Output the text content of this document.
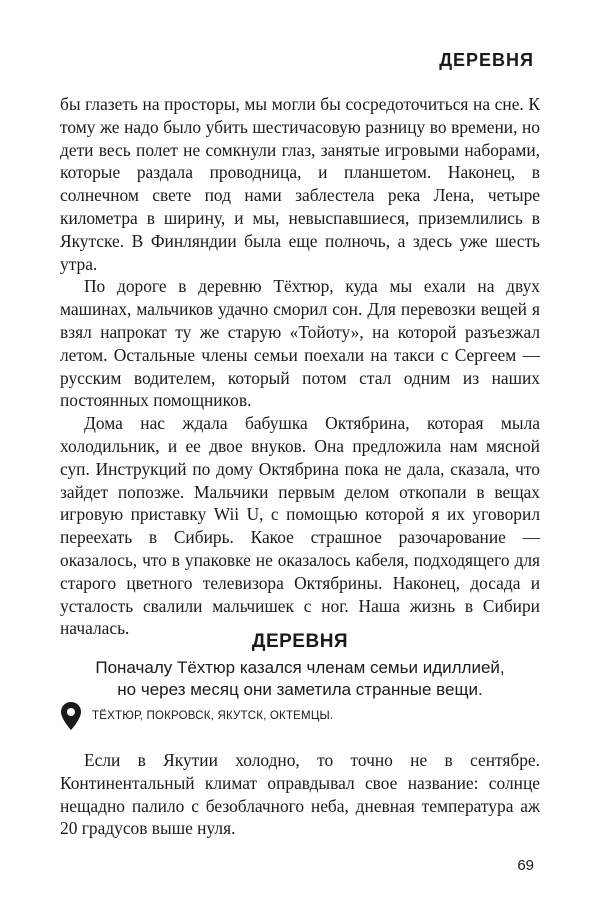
ДЕРЕВНЯ

бы глазеть на просторы, мы могли бы сосредоточиться на сне. К тому же надо было убить шестичасовую разницу во времени, но дети весь полет не сомкнули глаз, занятые игровыми наборами, которые раздала проводница, и планшетом. Наконец, в солнечном свете под нами заблестела река Лена, четыре километра в ширину, и мы, невыспавшиеся, приземлились в Якутске. В Финляндии была еще полночь, а здесь уже шесть утра.

По дороге в деревню Тёхтюр, куда мы ехали на двух машинах, мальчиков удачно сморил сон. Для перевозки вещей я взял напрокат ту же старую «Тойоту», на которой разъезжал летом. Остальные члены семьи поехали на такси с Сергеем — русским водителем, который потом стал одним из наших постоянных помощников.

Дома нас ждала бабушка Октябрина, которая мыла холодильник, и ее двое внуков. Она предложила нам мясной суп. Инструкций по дому Октябрина пока не дала, сказала, что зайдет попозже. Мальчики первым делом откопали в вещах игровую приставку Wii U, с помощью которой я их уговорил переехать в Сибирь. Какое страшное разочарование — оказалось, что в упаковке не оказалось кабеля, подходящего для старого цветного телевизора Октябрины. Наконец, досада и усталость свалили мальчишек с ног. Наша жизнь в Сибири началась.

ДЕРЕВНЯ
Поначалу Тёхтюр казался членам семьи идиллией,
но через месяц они заметила странные вещи.
ТЁХТЮР, ПОКРОВСК, ЯКУТСК, ОКТЕМЦЫ.

Если в Якутии холодно, то точно не в сентябре. Континентальный климат оправдывал свое название: солнце нещадно палило с безоблачного неба, дневная температура аж 20 градусов выше нуля.

69
